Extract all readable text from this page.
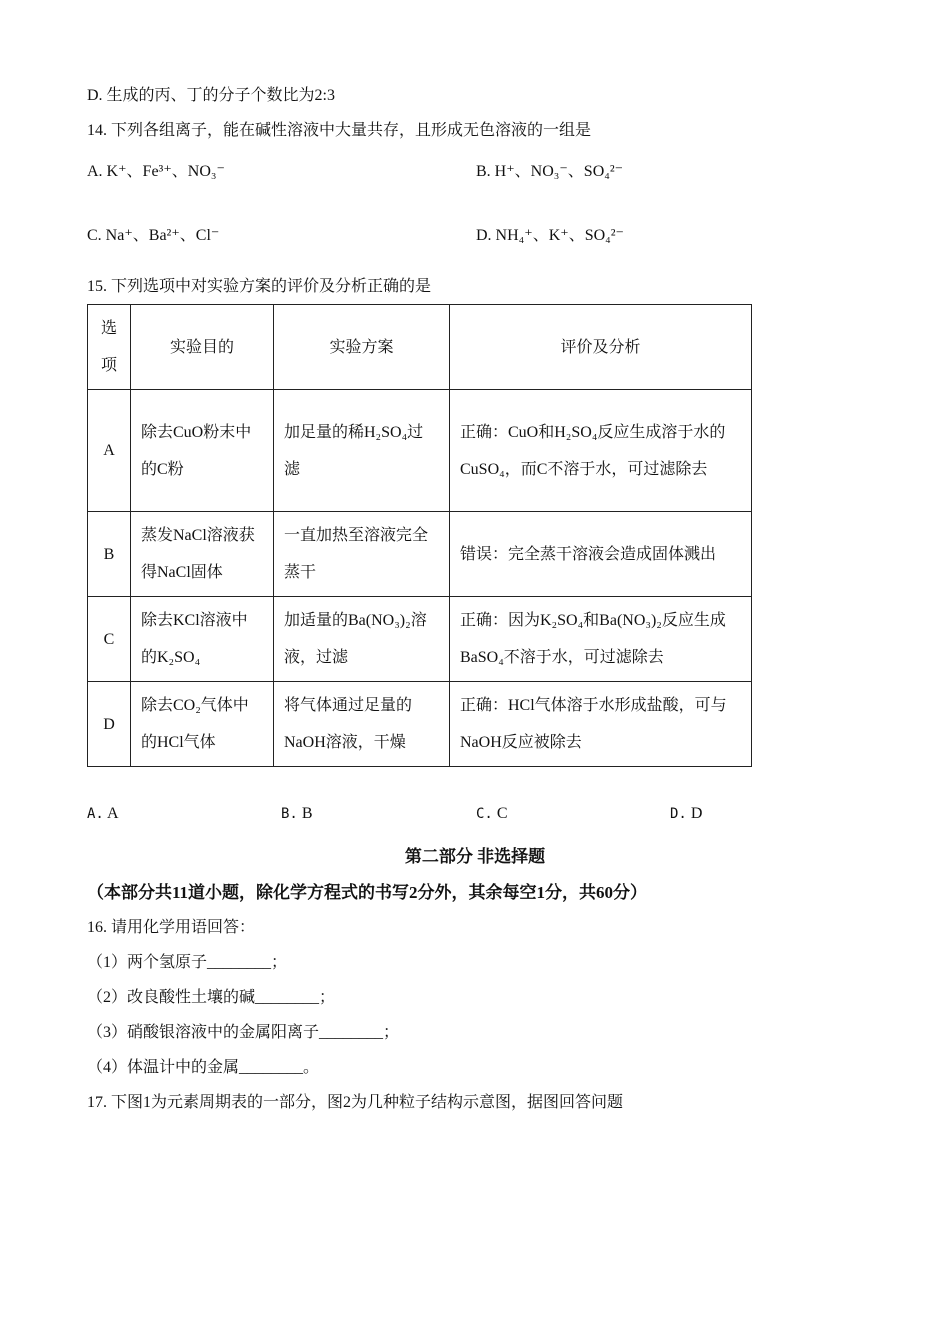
D. 生成的丙、丁的分子个数比为2:3
14. 下列各组离子，能在碱性溶液中大量共存，且形成无色溶液的一组是
A. K⁺、Fe³⁺、NO₃⁻	B. H⁺、NO₃⁻、SO₄²⁻
C. Na⁺、Ba²⁺、Cl⁻	D. NH₄⁺、K⁺、SO₄²⁻
15. 下列选项中对实验方案的评价及分析正确的是
选项	实验目的	实验方案	评价及分析
A	除去CuO粉末中的C粉	加足量的稀H₂SO₄过滤	正确：CuO和H₂SO₄反应生成溶于水的CuSO₄，而C不溶于水，可过滤除去
B	蒸发NaCl溶液获得NaCl固体	一直加热至溶液完全蒸干	错误：完全蒸干溶液会造成固体溅出
C	除去KCl溶液中的K₂SO₄	加适量的Ba(NO₃)₂溶液，过滤	正确：因为K₂SO₄和Ba(NO₃)₂反应生成BaSO₄不溶于水，可过滤除去
D	除去CO₂气体中的HCl气体	将气体通过足量的NaOH溶液，干燥	正确：HCl气体溶于水形成盐酸，可与NaOH反应被除去
A. A	B. B	C. C	D. D
第二部分 非选择题
（本部分共11道小题，除化学方程式的书写2分外，其余每空1分，共60分）
16. 请用化学用语回答：
（1）两个氢原子________；
（2）改良酸性土壤的碱________；
（3）硝酸银溶液中的金属阳离子________；
（4）体温计中的金属________。
17. 下图1为元素周期表的一部分，图2为几种粒子结构示意图，据图回答问题
